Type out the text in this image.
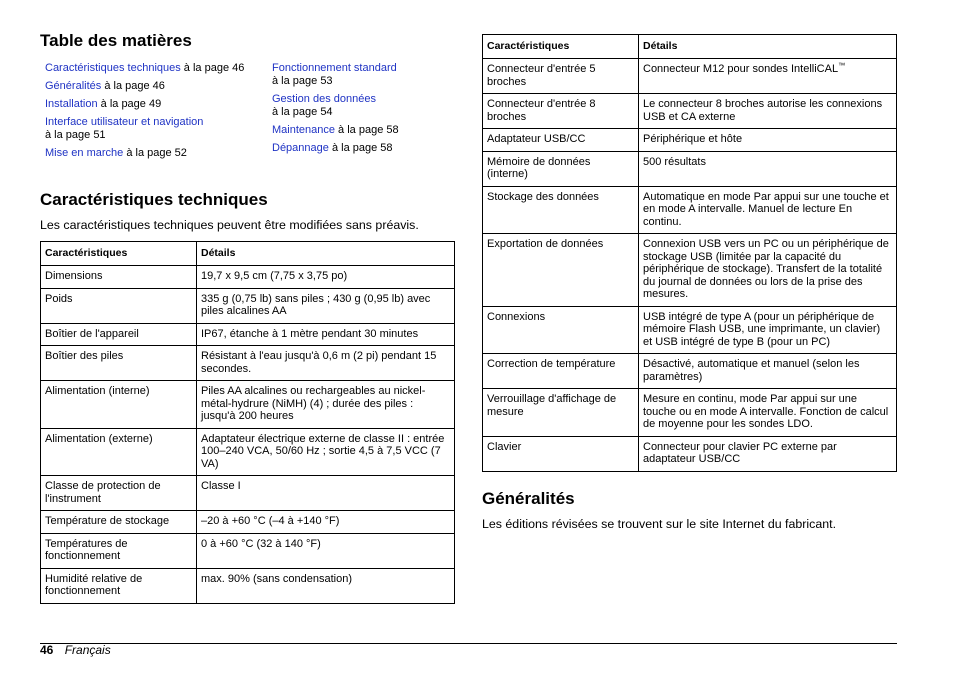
Table des matières
Caractéristiques techniques à la page 46
Généralités à la page 46
Installation à la page 49
Interface utilisateur et navigation
à la page 51
Mise en marche à la page 52
Fonctionnement standard
à la page 53
Gestion des données
à la page 54
Maintenance à la page 58
Dépannage à la page 58
Caractéristiques techniques

Les caractéristiques techniques peuvent être modifiées sans préavis.

Caractéristiques	Détails
Dimensions	19,7 x 9,5 cm (7,75 x 3,75 po)
Poids	335 g (0,75 lb) sans piles ; 430 g (0,95 lb) avec piles alcalines AA
Boîtier de l'appareil	IP67, étanche à 1 mètre pendant 30 minutes
Boîtier des piles	Résistant à l'eau jusqu'à 0,6 m (2 pi) pendant 15 secondes.
Alimentation (interne)	Piles AA alcalines ou rechargeables au nickel-métal-hydrure (NiMH) (4) ; durée des piles : jusqu'à 200 heures
Alimentation (externe)	Adaptateur électrique externe de classe II : entrée 100–240 VCA, 50/60 Hz ; sortie 4,5 à 7,5 VCC (7 VA)
Classe de protection de l'instrument	Classe I
Température de stockage	–20 à +60 °C (–4 à +140 °F)
Températures de fonctionnement	0 à +60 °C (32 à 140 °F)
Humidité relative de fonctionnement	max. 90% (sans condensation)
Caractéristiques	Détails
Connecteur d'entrée 5 broches	Connecteur M12 pour sondes IntelliCAL™
Connecteur d'entrée 8 broches	Le connecteur 8 broches autorise les connexions USB et CA externe
Adaptateur USB/CC	Périphérique et hôte
Mémoire de données (interne)	500 résultats
Stockage des données	Automatique en mode Par appui sur une touche et en mode A intervalle. Manuel de lecture En continu.
Exportation de données	Connexion USB vers un PC ou un périphérique de stockage USB (limitée par la capacité du périphérique de stockage). Transfert de la totalité du journal de données ou lors de la prise des mesures.
Connexions	USB intégré de type A (pour un périphérique de mémoire Flash USB, une imprimante, un clavier) et USB intégré de type B (pour un PC)
Correction de température	Désactivé, automatique et manuel (selon les paramètres)
Verrouillage d'affichage de mesure	Mesure en continu, mode Par appui sur une touche ou en mode A intervalle. Fonction de calcul de moyenne pour les sondes LDO.
Clavier	Connecteur pour clavier PC externe par adaptateur USB/CC
Généralités

Les éditions révisées se trouvent sur le site Internet du fabricant.

46 Français
